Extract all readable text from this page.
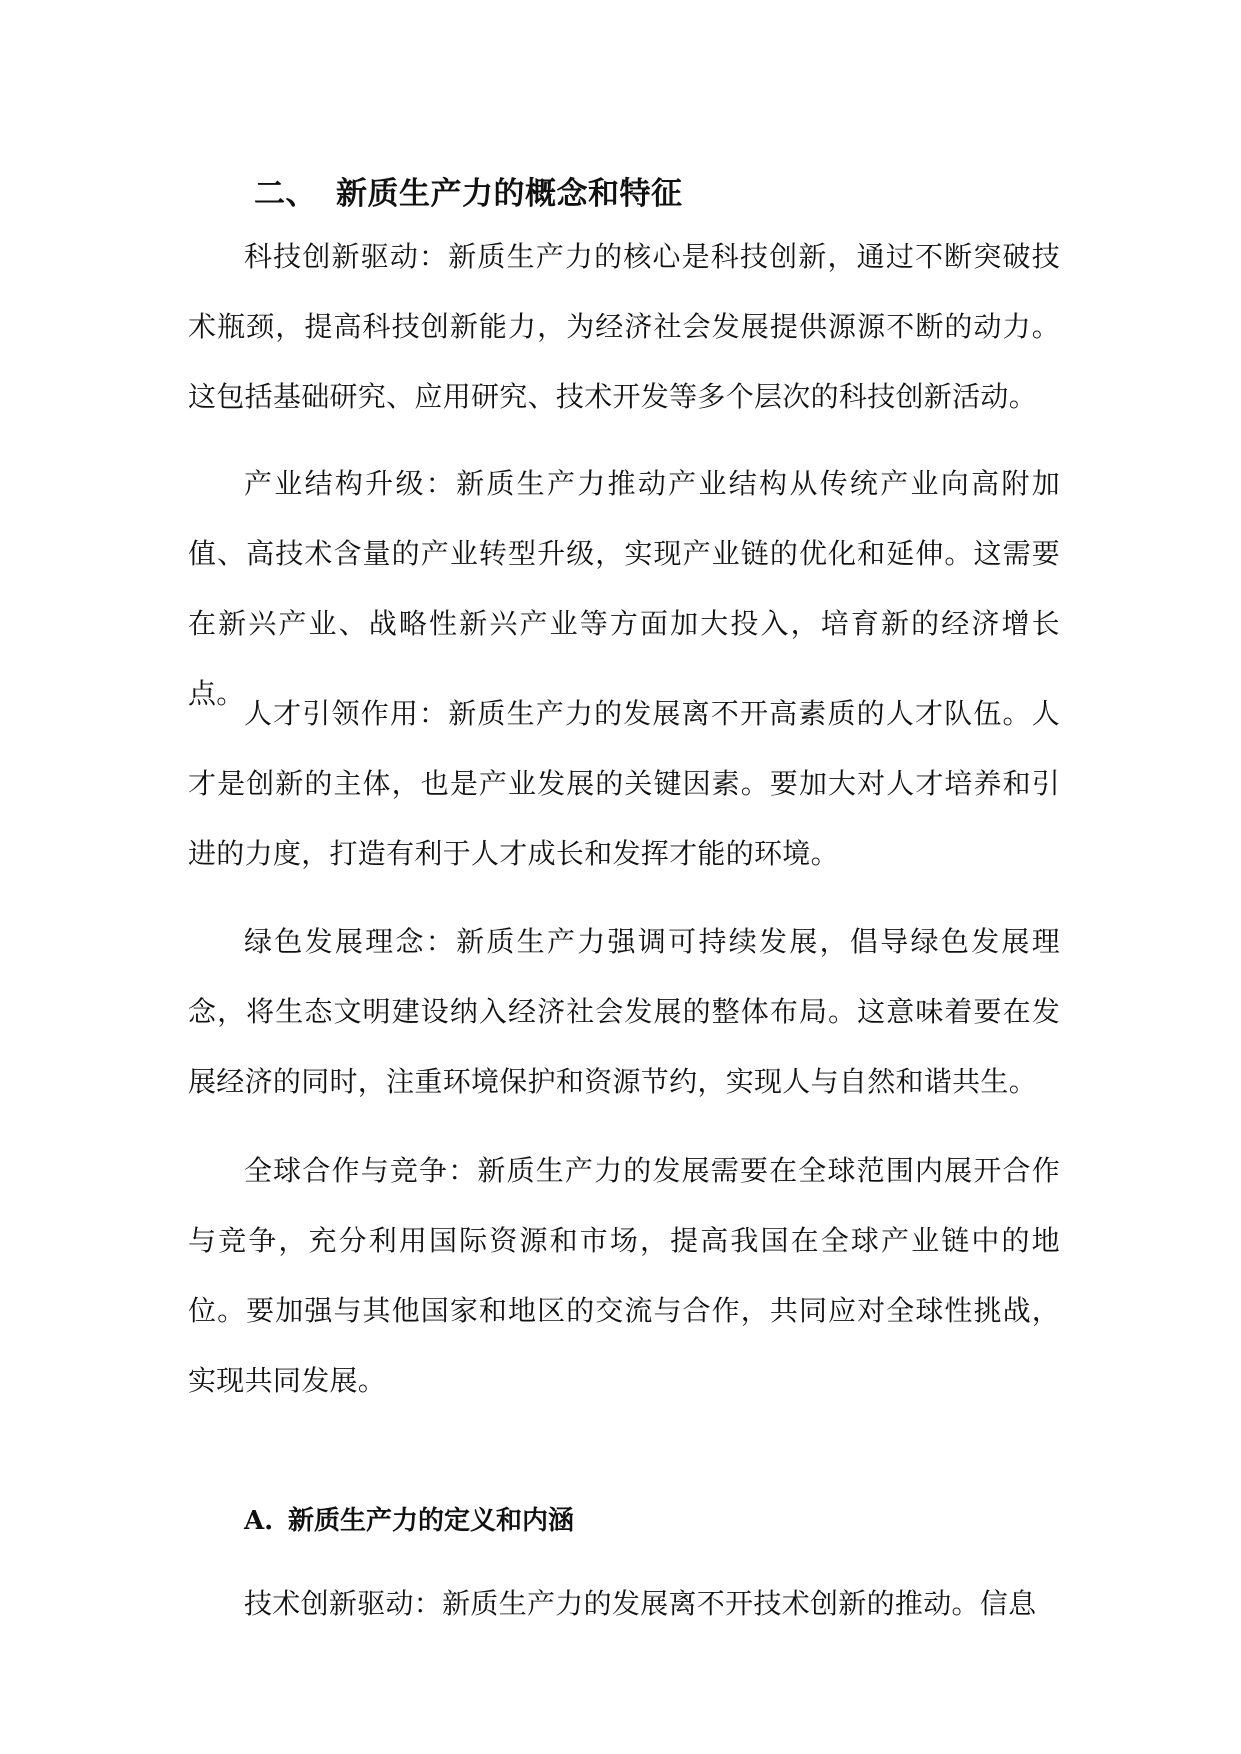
二、 新质生产力的概念和特征

科技创新驱动：新质生产力的核心是科技创新，通过不断突破技术瓶颈，提高科技创新能力，为经济社会发展提供源源不断的动力。这包括基础研究、应用研究、技术开发等多个层次的科技创新活动。

产业结构升级：新质生产力推动产业结构从传统产业向高附加值、高技术含量的产业转型升级，实现产业链的优化和延伸。这需要在新兴产业、战略性新兴产业等方面加大投入，培育新的经济增长点。

人才引领作用：新质生产力的发展离不开高素质的人才队伍。人才是创新的主体，也是产业发展的关键因素。要加大对人才培养和引进的力度，打造有利于人才成长和发挥才能的环境。

绿色发展理念：新质生产力强调可持续发展，倡导绿色发展理念，将生态文明建设纳入经济社会发展的整体布局。这意味着要在发展经济的同时，注重环境保护和资源节约，实现人与自然和谐共生。

全球合作与竞争：新质生产力的发展需要在全球范围内展开合作与竞争，充分利用国际资源和市场，提高我国在全球产业链中的地位。要加强与其他国家和地区的交流与合作，共同应对全球性挑战，实现共同发展。

A. 新质生产力的定义和内涵

技术创新驱动：新质生产力的发展离不开技术创新的推动。信息
